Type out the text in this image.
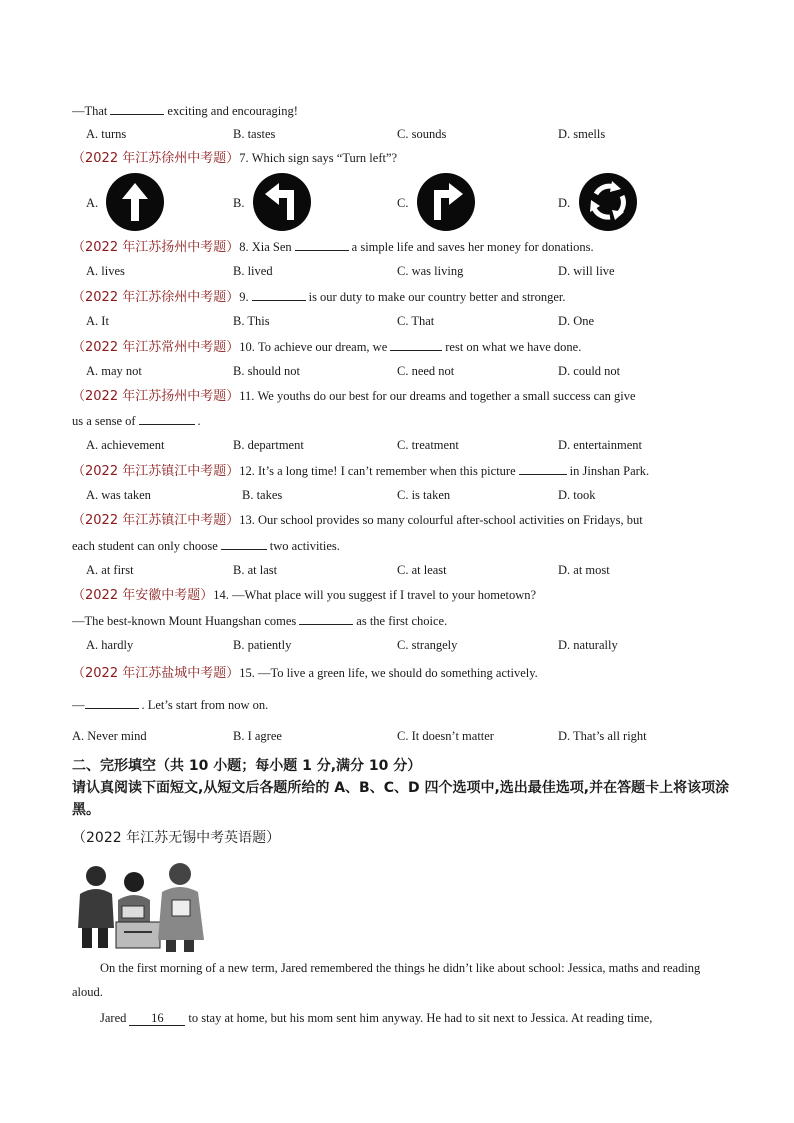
—That	exciting and encouraging!
A. turns	B. tastes	C. sounds	D. smells
（2022 年江苏徐州中考题）7. Which sign says “Turn left”?
A.	B.	C.	D.
（2022 年江苏扬州中考题）8. Xia Sen	a simple life and saves her money for donations.
A. lives	B. lived	C. was living	D. will live
（2022 年江苏徐州中考题）9.	is our duty to make our country better and stronger.
A. It	B. This	C. That	D. One
（2022 年江苏常州中考题）10. To achieve our dream, we	rest on what we have done.
A. may not	B. should not	C. need not	D. could not
（2022 年江苏扬州中考题）11. We youths do our best for our dreams and together a small success can give
us a sense of	.
A. achievement	B. department	C. treatment	D. entertainment
（2022 年江苏镇江中考题）12. It’s a long time! I can’t remember when this picture	in Jinshan Park.
A. was taken	B. takes	C. is taken	D. took
（2022 年江苏镇江中考题）13. Our school provides so many colourful after-school activities on Fridays, but
each student can only choose	two activities.
A. at first	B. at last	C. at least	D. at most
（2022 年安徽中考题）14. —What place will you suggest if I travel to your hometown?
—The best-known Mount Huangshan comes	as the first choice.
A. hardly	B. patiently	C. strangely	D. naturally
（2022 年江苏盐城中考题）15. —To live a green life, we should do something actively.
—	. Let’s start from now on.
A. Never mind	B. I agree	C. It doesn’t matter	D. That’s all right
二、完形填空（共 10 小题；每小题 1 分,满分 10 分）
请认真阅读下面短文,从短文后各题所给的 A、B、C、D 四个选项中,选出最佳选项,并在答题卡上将该项涂黑。
（2022 年江苏无锡中考英语题）
On the first morning of a new term, Jared remembered the things he didn’t like about school: Jessica, maths and reading aloud.
Jared 16 to stay at home, but his mom sent him anyway. He had to sit next to Jessica. At reading time,
